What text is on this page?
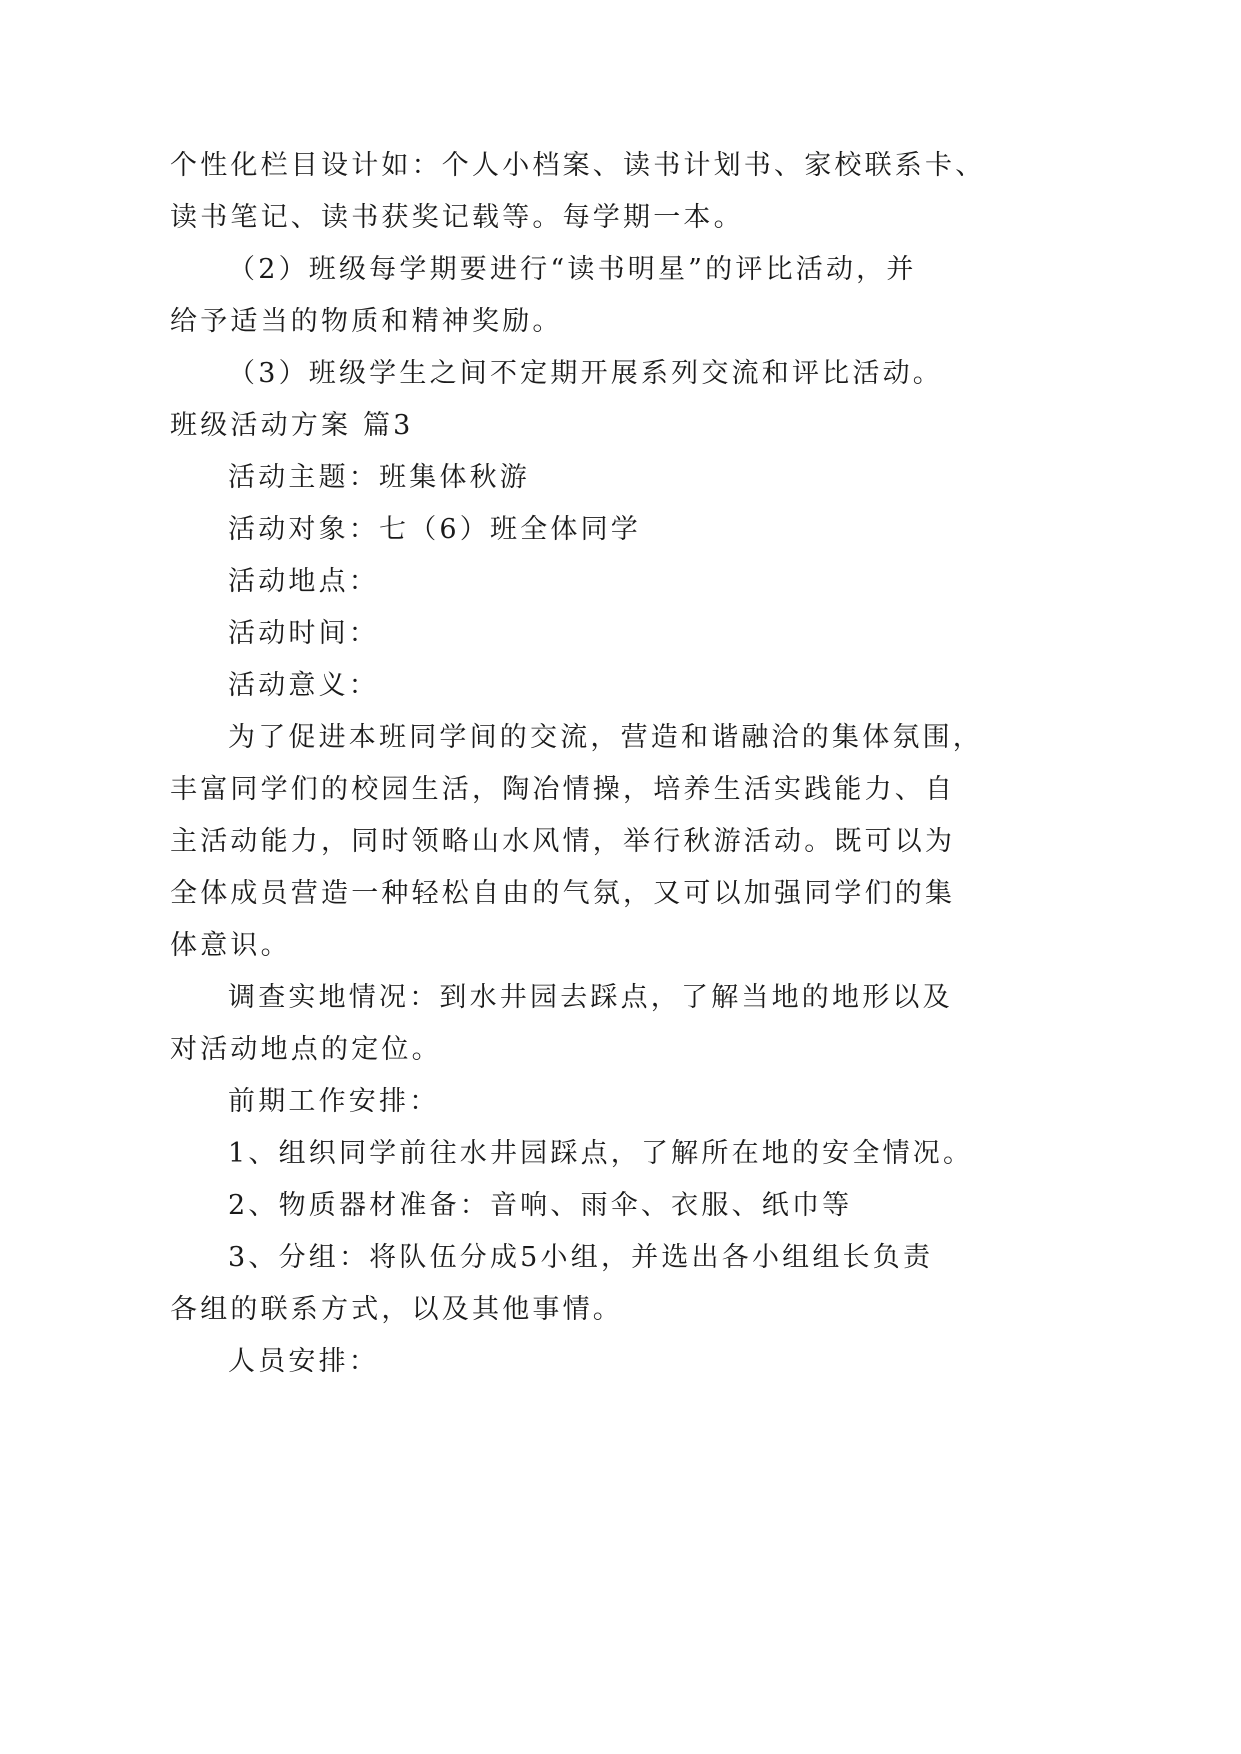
个性化栏目设计如：个人小档案、读书计划书、家校联系卡、
读书笔记、读书获奖记载等。每学期一本。
（2）班级每学期要进行“读书明星”的评比活动，并
给予适当的物质和精神奖励。
（3）班级学生之间不定期开展系列交流和评比活动。
班级活动方案 篇3
活动主题：班集体秋游
活动对象：七（6）班全体同学
活动地点：
活动时间：
活动意义：
为了促进本班同学间的交流，营造和谐融洽的集体氛围，
丰富同学们的校园生活，陶冶情操，培养生活实践能力、自
主活动能力，同时领略山水风情，举行秋游活动。既可以为
全体成员营造一种轻松自由的气氛，又可以加强同学们的集
体意识。
调查实地情况：到水井园去踩点，了解当地的地形以及
对活动地点的定位。
前期工作安排：
1、组织同学前往水井园踩点，了解所在地的安全情况。
2、物质器材准备：音响、雨伞、衣服、纸巾等
3、分组：将队伍分成5小组，并选出各小组组长负责
各组的联系方式，以及其他事情。
人员安排：
